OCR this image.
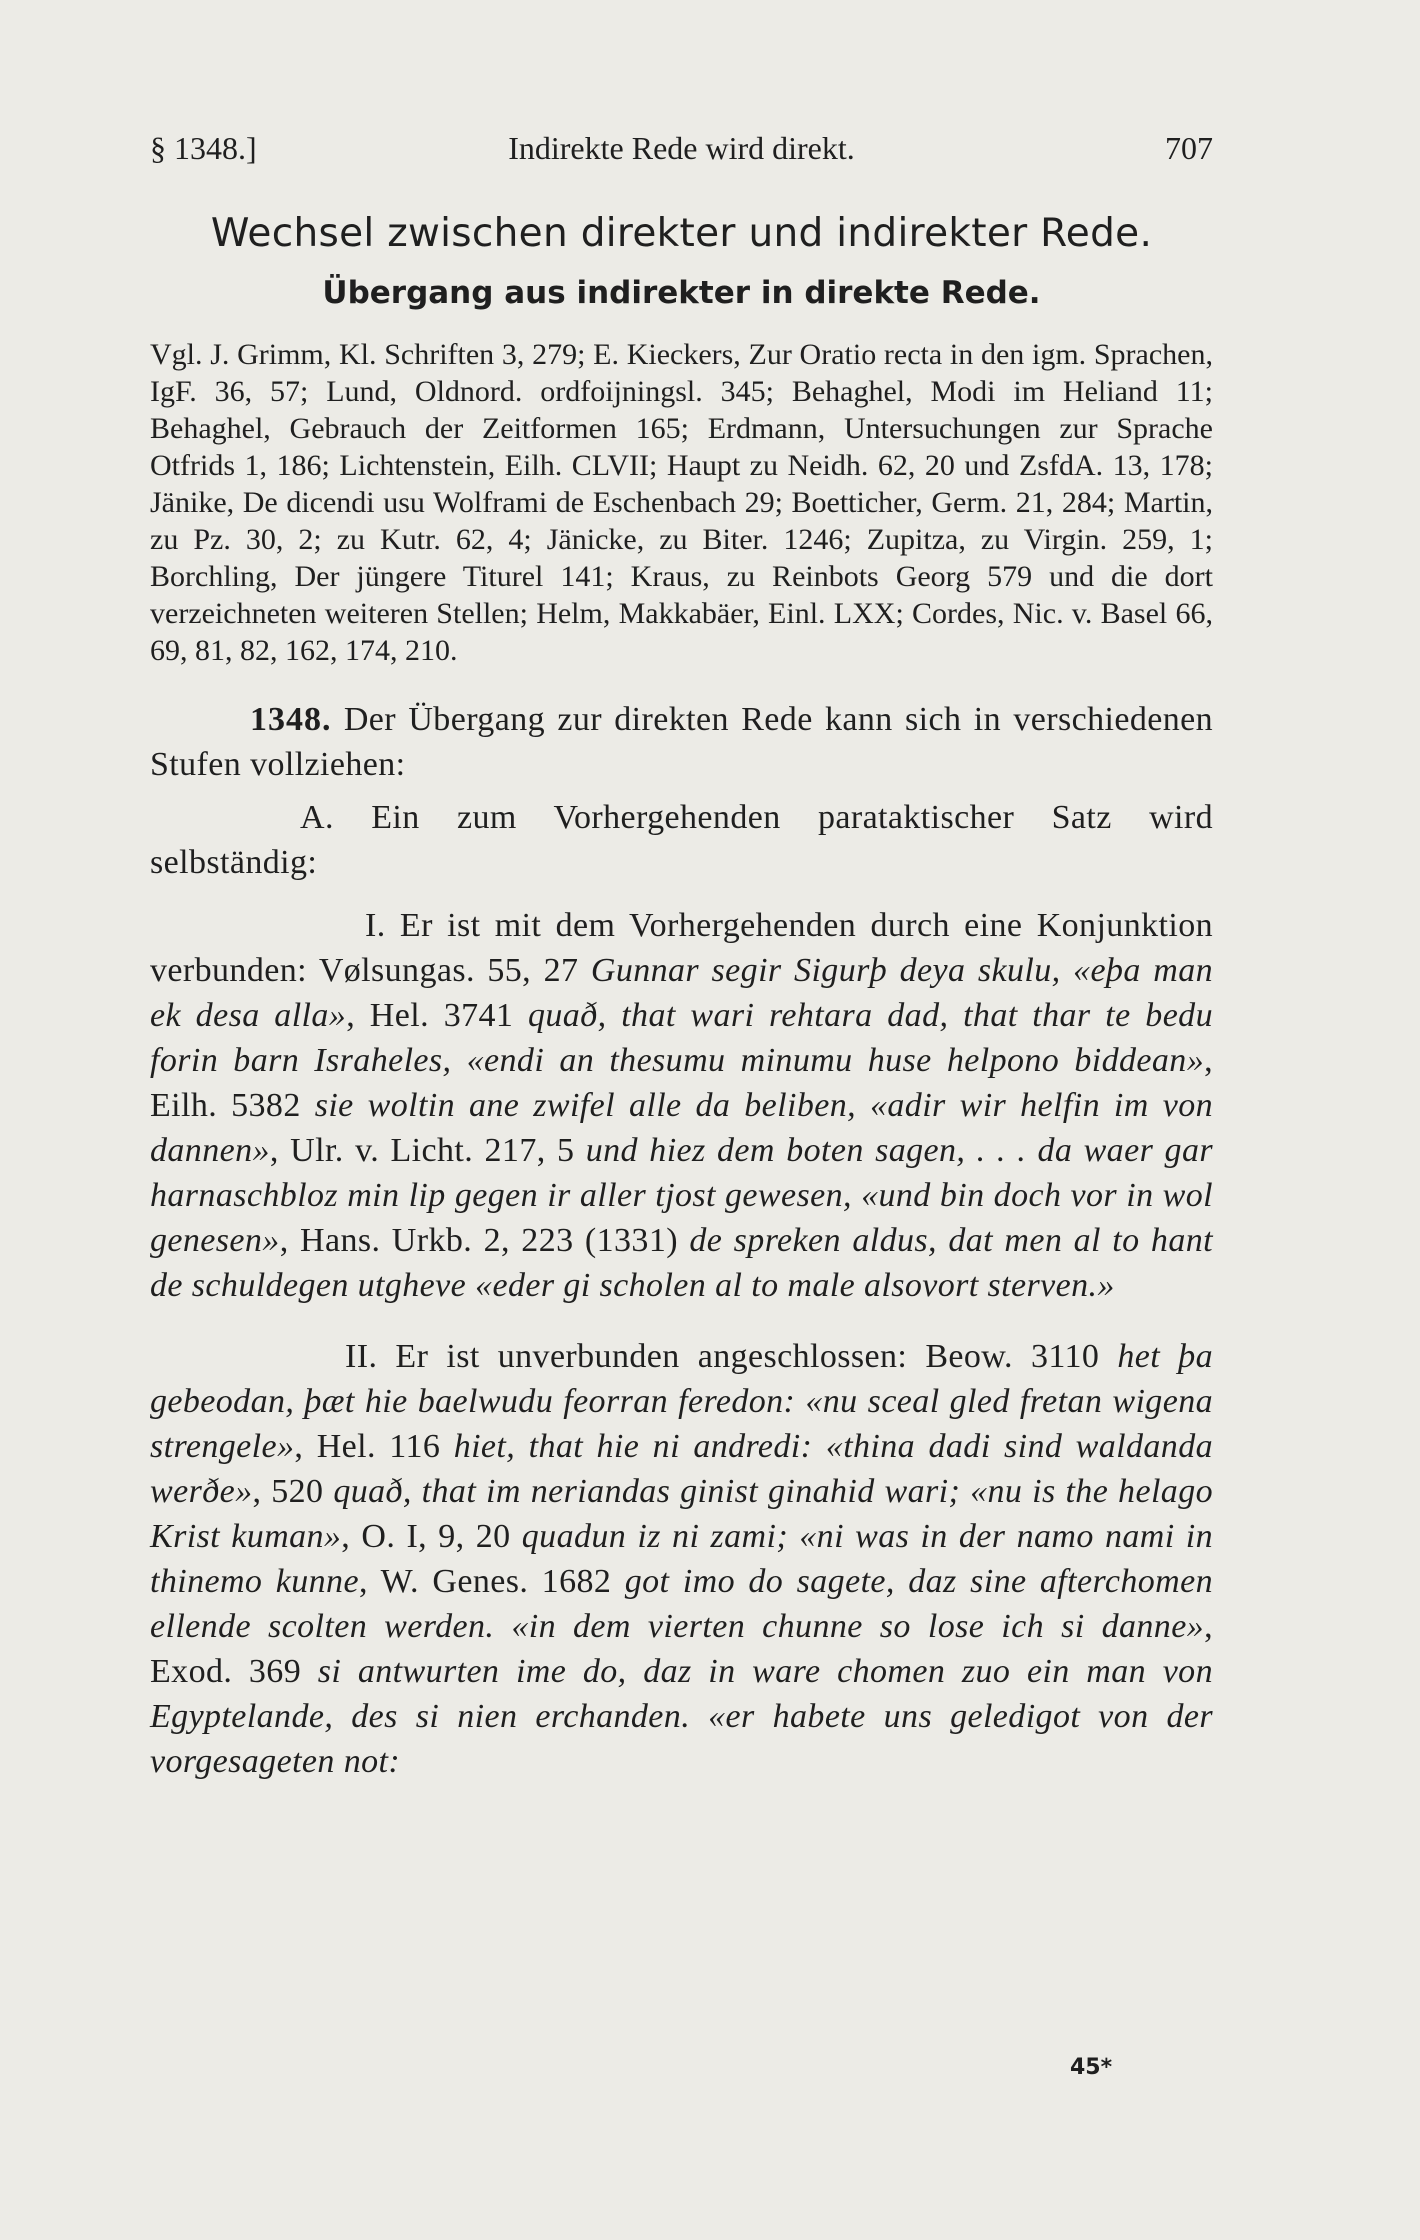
§ 1348.]	Indirekte Rede wird direkt.	707
Wechsel zwischen direkter und indirekter Rede.
Übergang aus indirekter in direkte Rede.

Vgl. J. Grimm, Kl. Schriften 3, 279; E. Kieckers, Zur Oratio recta in den igm. Sprachen, IgF. 36, 57; Lund, Oldnord. ordfoijningsl. 345; Behaghel, Modi im Heliand 11; Behaghel, Gebrauch der Zeitformen 165; Erdmann, Untersuchungen zur Sprache Otfrids 1, 186; Lichtenstein, Eilh. CLVII; Haupt zu Neidh. 62, 20 und ZsfdA. 13, 178; Jänike, De dicendi usu Wolframi de Eschenbach 29; Boetticher, Germ. 21, 284; Martin, zu Pz. 30, 2; zu Kutr. 62, 4; Jänicke, zu Biter. 1246; Zupitza, zu Virgin. 259, 1; Borchling, Der jüngere Titurel 141; Kraus, zu Reinbots Georg 579 und die dort verzeichneten weiteren Stellen; Helm, Makkabäer, Einl. LXX; Cordes, Nic. v. Basel 66, 69, 81, 82, 162, 174, 210.

1348. Der Übergang zur direkten Rede kann sich in verschiedenen Stufen vollziehen:

A. Ein zum Vorhergehenden parataktischer Satz wird selbständig:

I. Er ist mit dem Vorhergehenden durch eine Konjunktion verbunden: Vølsungas. 55, 27 Gunnar segir Sigurþ deya skulu, «eþa man ek desa alla», Hel. 3741 quað, that wari rehtara dad, that thar te bedu forin barn Israheles, «endi an thesumu minumu huse helpono biddean», Eilh. 5382 sie woltin ane zwifel alle da beliben, «adir wir helfin im von dannen», Ulr. v. Licht. 217, 5 und hiez dem boten sagen, . . . da waer gar harnaschbloz min lip gegen ir aller tjost gewesen, «und bin doch vor in wol genesen», Hans. Urkb. 2, 223 (1331) de spreken aldus, dat men al to hant de schuldegen utgheve «eder gi scholen al to male alsovort sterven.»

II. Er ist unverbunden angeschlossen: Beow. 3110 het þa gebeodan, þæt hie baelwudu feorran feredon: «nu sceal gled fretan wigena strengele», Hel. 116 hiet, that hie ni andredi: «thina dadi sind waldanda werðe», 520 quað, that im neriandas ginist ginahid wari; «nu is the helago Krist kuman», O. I, 9, 20 quadun iz ni zami; «ni was in der namo nami in thinemo kunne, W. Genes. 1682 got imo do sagete, daz sine afterchomen ellende scolten werden. «in dem vierten chunne so lose ich si danne», Exod. 369 si antwurten ime do, daz in ware chomen zuo ein man von Egyptelande, des si nien erchanden. «er habete uns geledigot von der vorgesageten not:

45*
